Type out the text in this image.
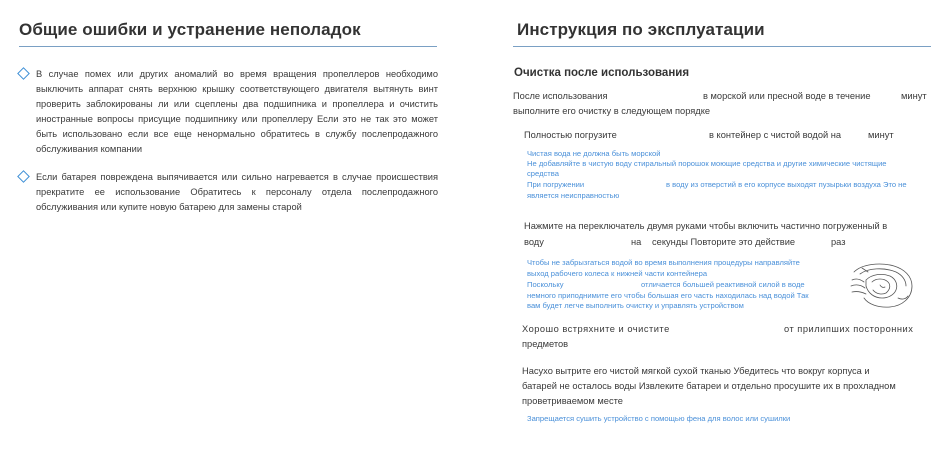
Общие ошибки и устранение неполадок
В случае помех или других аномалий во время вращения пропеллеров необходимо выключить аппарат снять верхнюю крышку соответствующего двигателя вытянуть винт проверить заблокированы ли или сцеплены два подшипника и пропеллера и очистить иностранные вопросы присущие подшипнику или пропеллеру Если это не так это может быть использовано если все еще ненормально обратитесь в службу послепродажного обслуживания компании
Если батарея повреждена выпячивается или сильно нагревается в случае происшествия прекратите ее использование Обратитесь к персоналу отдела послепродажного обслуживания или купите новую батарею для замены старой
Инструкция по эксплуатации
Очистка после использования
После использования	в морской или пресной воде в течение	минут
выполните его очистку в следующем порядке
Полностью погрузите	в контейнер с чистой водой на	минут
Чистая вода не должна быть морской
Не добавляйте в чистую воду стиральный порошок моющие средства и другие химические чистящие
средства
При погружении	в воду из отверстий в его корпусе выходят пузырьки воздуха Это не
является неисправностью
Нажмите на переключатель двумя руками чтобы включить частично погруженный в
воду	на секунды Повторите это действие	раз
Чтобы не забрызгаться водой во время выполнения процедуры направляйте
выход рабочего колеса к нижней части контейнера
Поскольку	отличается большей реактивной силой в воде
немного приподнимите его чтобы большая его часть находилась над водой Так
вам будет легче выполнить очистку и управлять устройством
Хорошо встряхните и очистите	от прилипших посторонних
предметов
Насухо вытрите его чистой мягкой сухой тканью Убедитесь что вокруг корпуса и
батарей не осталось воды Извлеките батареи и отдельно просушите их в прохладном
проветриваемом месте
Запрещается сушить устройство с помощью фена для волос или сушилки
